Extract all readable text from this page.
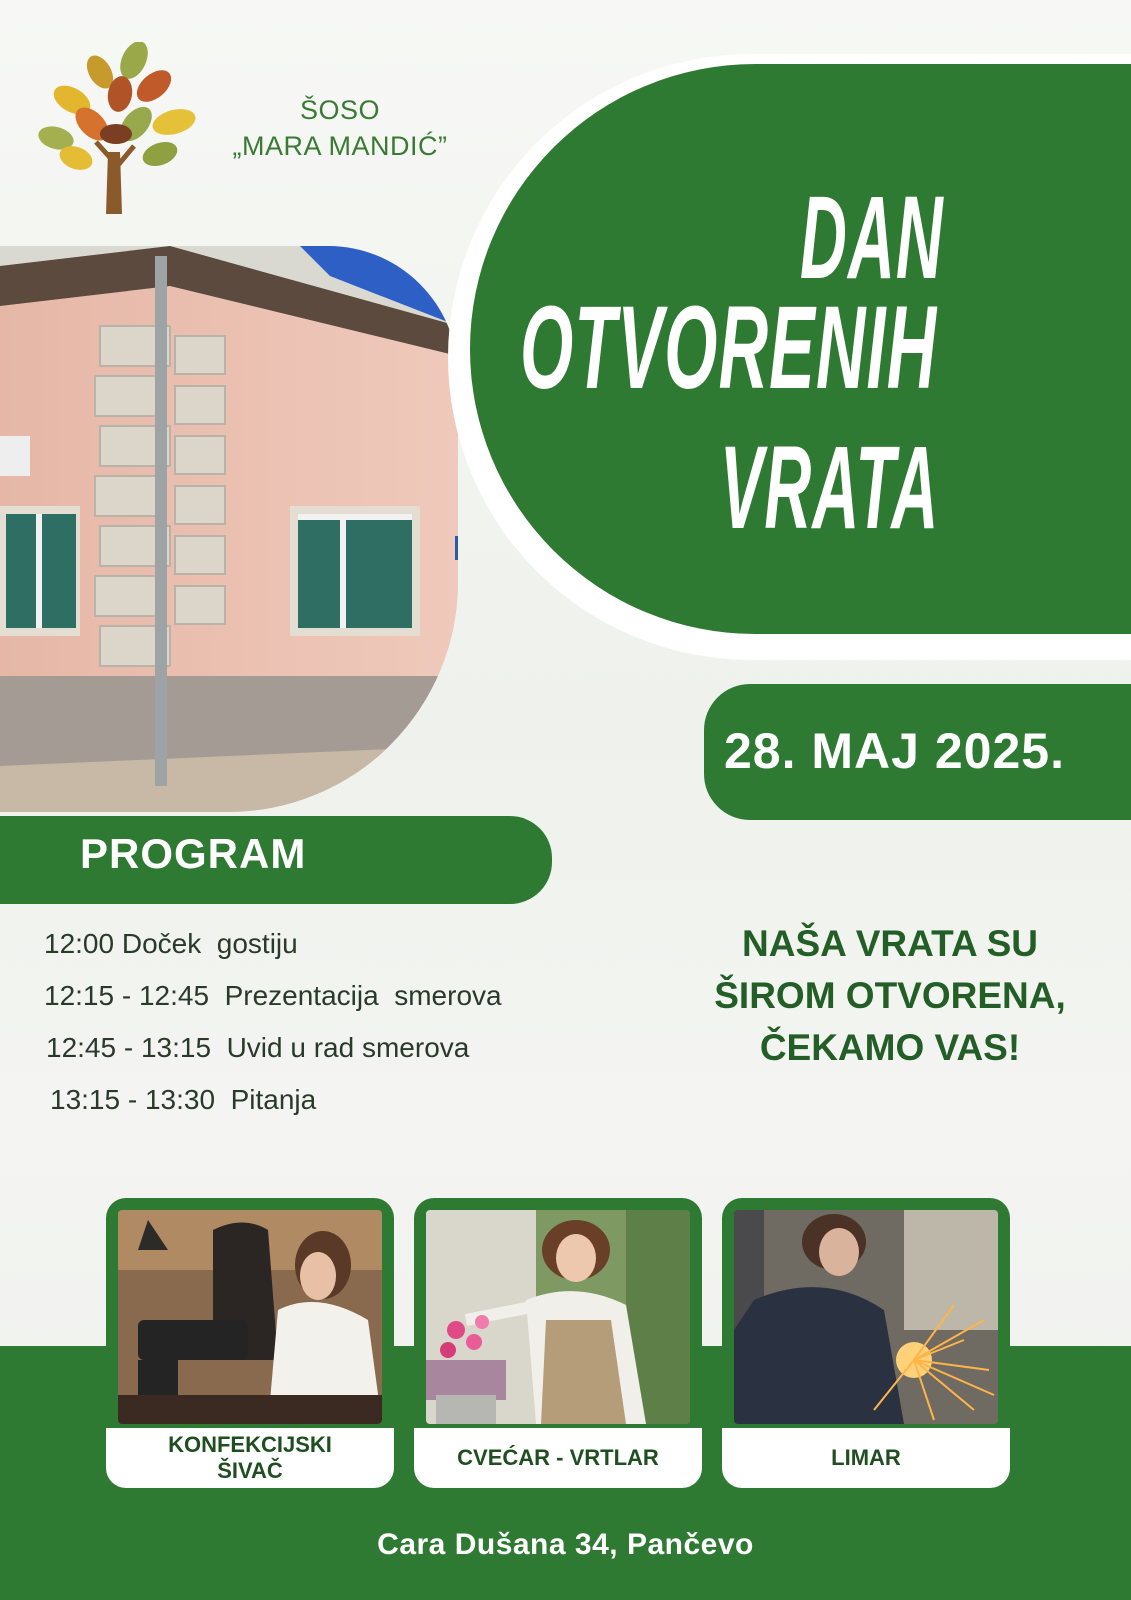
ŠOSO
„MARA MANDIĆ”
DAN
OTVORENIH
VRATA
28. MAJ 2025.
PROGRAM
12:00 Doček  gostiju
12:15 - 12:45  Prezentacija  smerova
12:45 - 13:15  Uvid u rad smerova
13:15 - 13:30  Pitanja
NAŠA VRATA SU
ŠIROM OTVORENA,
ČEKAMO VAS!
KONFEKCIJSKI
ŠIVAČ
CVEĆAR - VRTLAR	LIMAR
Cara Dušana 34, Pančevo
